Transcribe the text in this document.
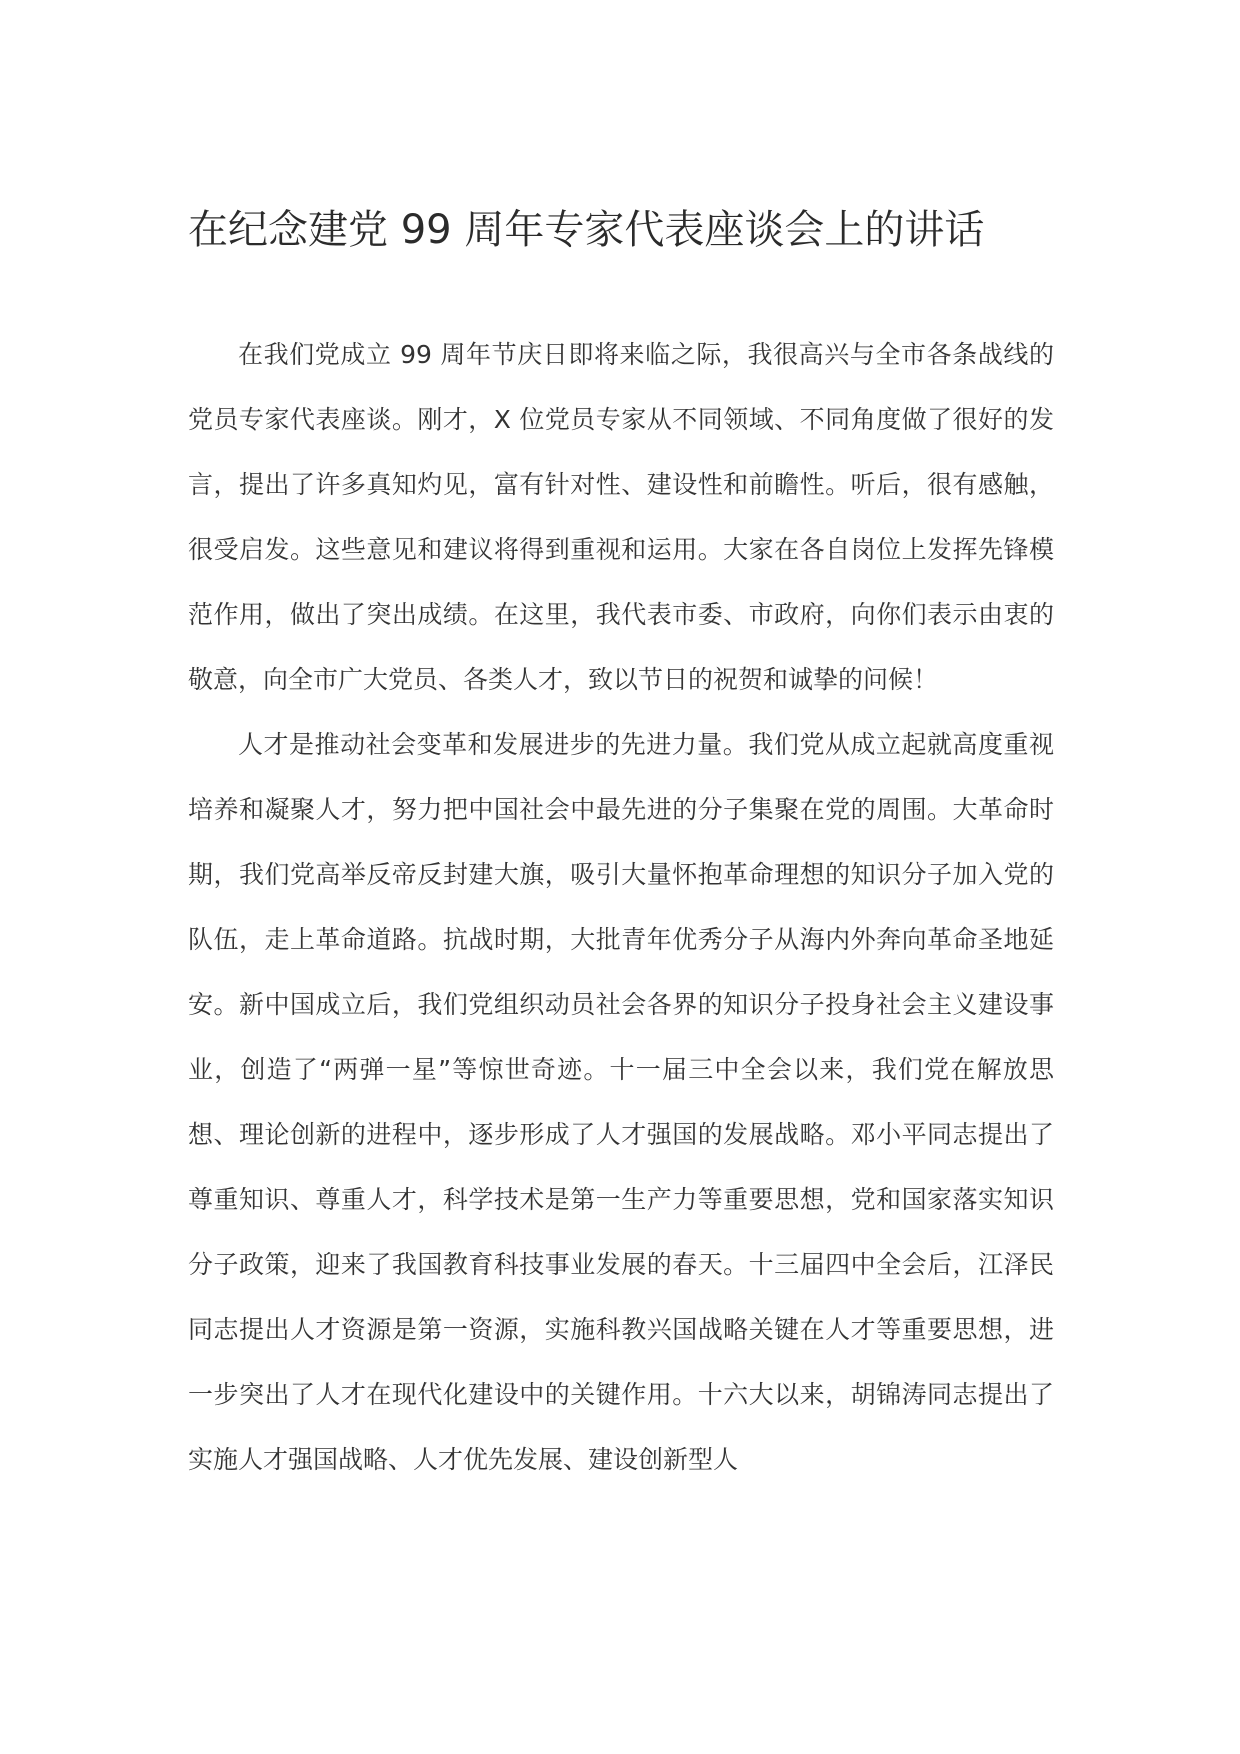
在纪念建党 99 周年专家代表座谈会上的讲话

在我们党成立 99 周年节庆日即将来临之际，我很高兴与全市各条战线的党员专家代表座谈。刚才，X 位党员专家从不同领域、不同角度做了很好的发言，提出了许多真知灼见，富有针对性、建设性和前瞻性。听后，很有感触，很受启发。这些意见和建议将得到重视和运用。大家在各自岗位上发挥先锋模范作用，做出了突出成绩。在这里，我代表市委、市政府，向你们表示由衷的敬意，向全市广大党员、各类人才，致以节日的祝贺和诚挚的问候！

人才是推动社会变革和发展进步的先进力量。我们党从成立起就高度重视培养和凝聚人才，努力把中国社会中最先进的分子集聚在党的周围。大革命时期，我们党高举反帝反封建大旗，吸引大量怀抱革命理想的知识分子加入党的队伍，走上革命道路。抗战时期，大批青年优秀分子从海内外奔向革命圣地延安。新中国成立后，我们党组织动员社会各界的知识分子投身社会主义建设事业，创造了“两弹一星”等惊世奇迹。十一届三中全会以来，我们党在解放思想、理论创新的进程中，逐步形成了人才强国的发展战略。邓小平同志提出了尊重知识、尊重人才，科学技术是第一生产力等重要思想，党和国家落实知识分子政策，迎来了我国教育科技事业发展的春天。十三届四中全会后，江泽民同志提出人才资源是第一资源，实施科教兴国战略关键在人才等重要思想，进一步突出了人才在现代化建设中的关键作用。十六大以来，胡锦涛同志提出了实施人才强国战略、人才优先发展、建设创新型人
